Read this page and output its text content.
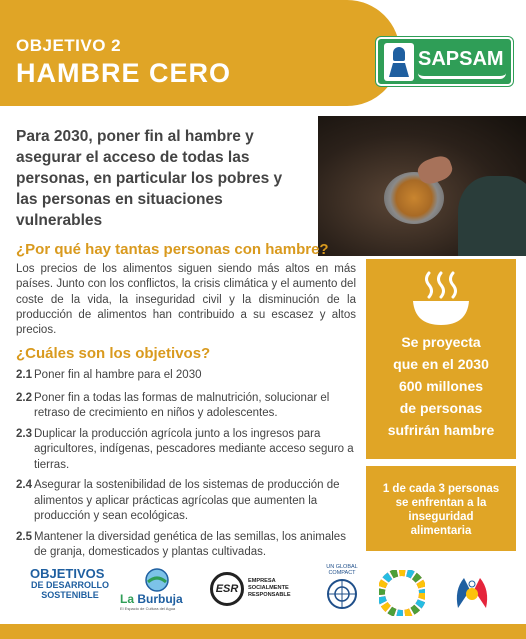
OBJETIVO 2
HAMBRE CERO	SAPSAM
Para 2030, poner fin al hambre y asegurar el acceso de todas las personas, en particular los pobres y las personas en situaciones vulnerables
¿Por qué hay tantas personas con hambre?
Los precios de los alimentos siguen siendo más altos en más países. Junto con los conflictos, la crisis climática y el aumento del coste de la vida, la inseguridad civil y la disminución de la producción de alimentos han contribuido a su escasez y altos precios.
¿Cuáles son los objetivos?
2.1 Poner fin al hambre para el 2030
2.2 Poner fin a todas las formas de malnutrición, solucionar el retraso de crecimiento en niños y adolescentes.
2.3 Duplicar la producción agrícola junto a los ingresos para agricultores, indígenas, pescadores mediante acceso seguro a tierras.
2.4 Asegurar la sostenibilidad de los sistemas de producción de alimentos y aplicar prácticas agrícolas que aumenten la producción y sean ecológicas.
2.5 Mantener la diversidad genética de las semillas, los animales de granja, domesticados y plantas cultivadas.
Se proyecta
que en el 2030
600 millones
de personas
sufrirán hambre
1 de cada 3 personas
se enfrentan a la
inseguridad
alimentaria
OBJETIVOS
DE DESARROLLO
SOSTENIBLE	La Burbuja
El Espacio de Cultura del Agua
ESR
EMPRESA
SOCIALMENTE
RESPONSABLE
UN GLOBAL COMPACT
